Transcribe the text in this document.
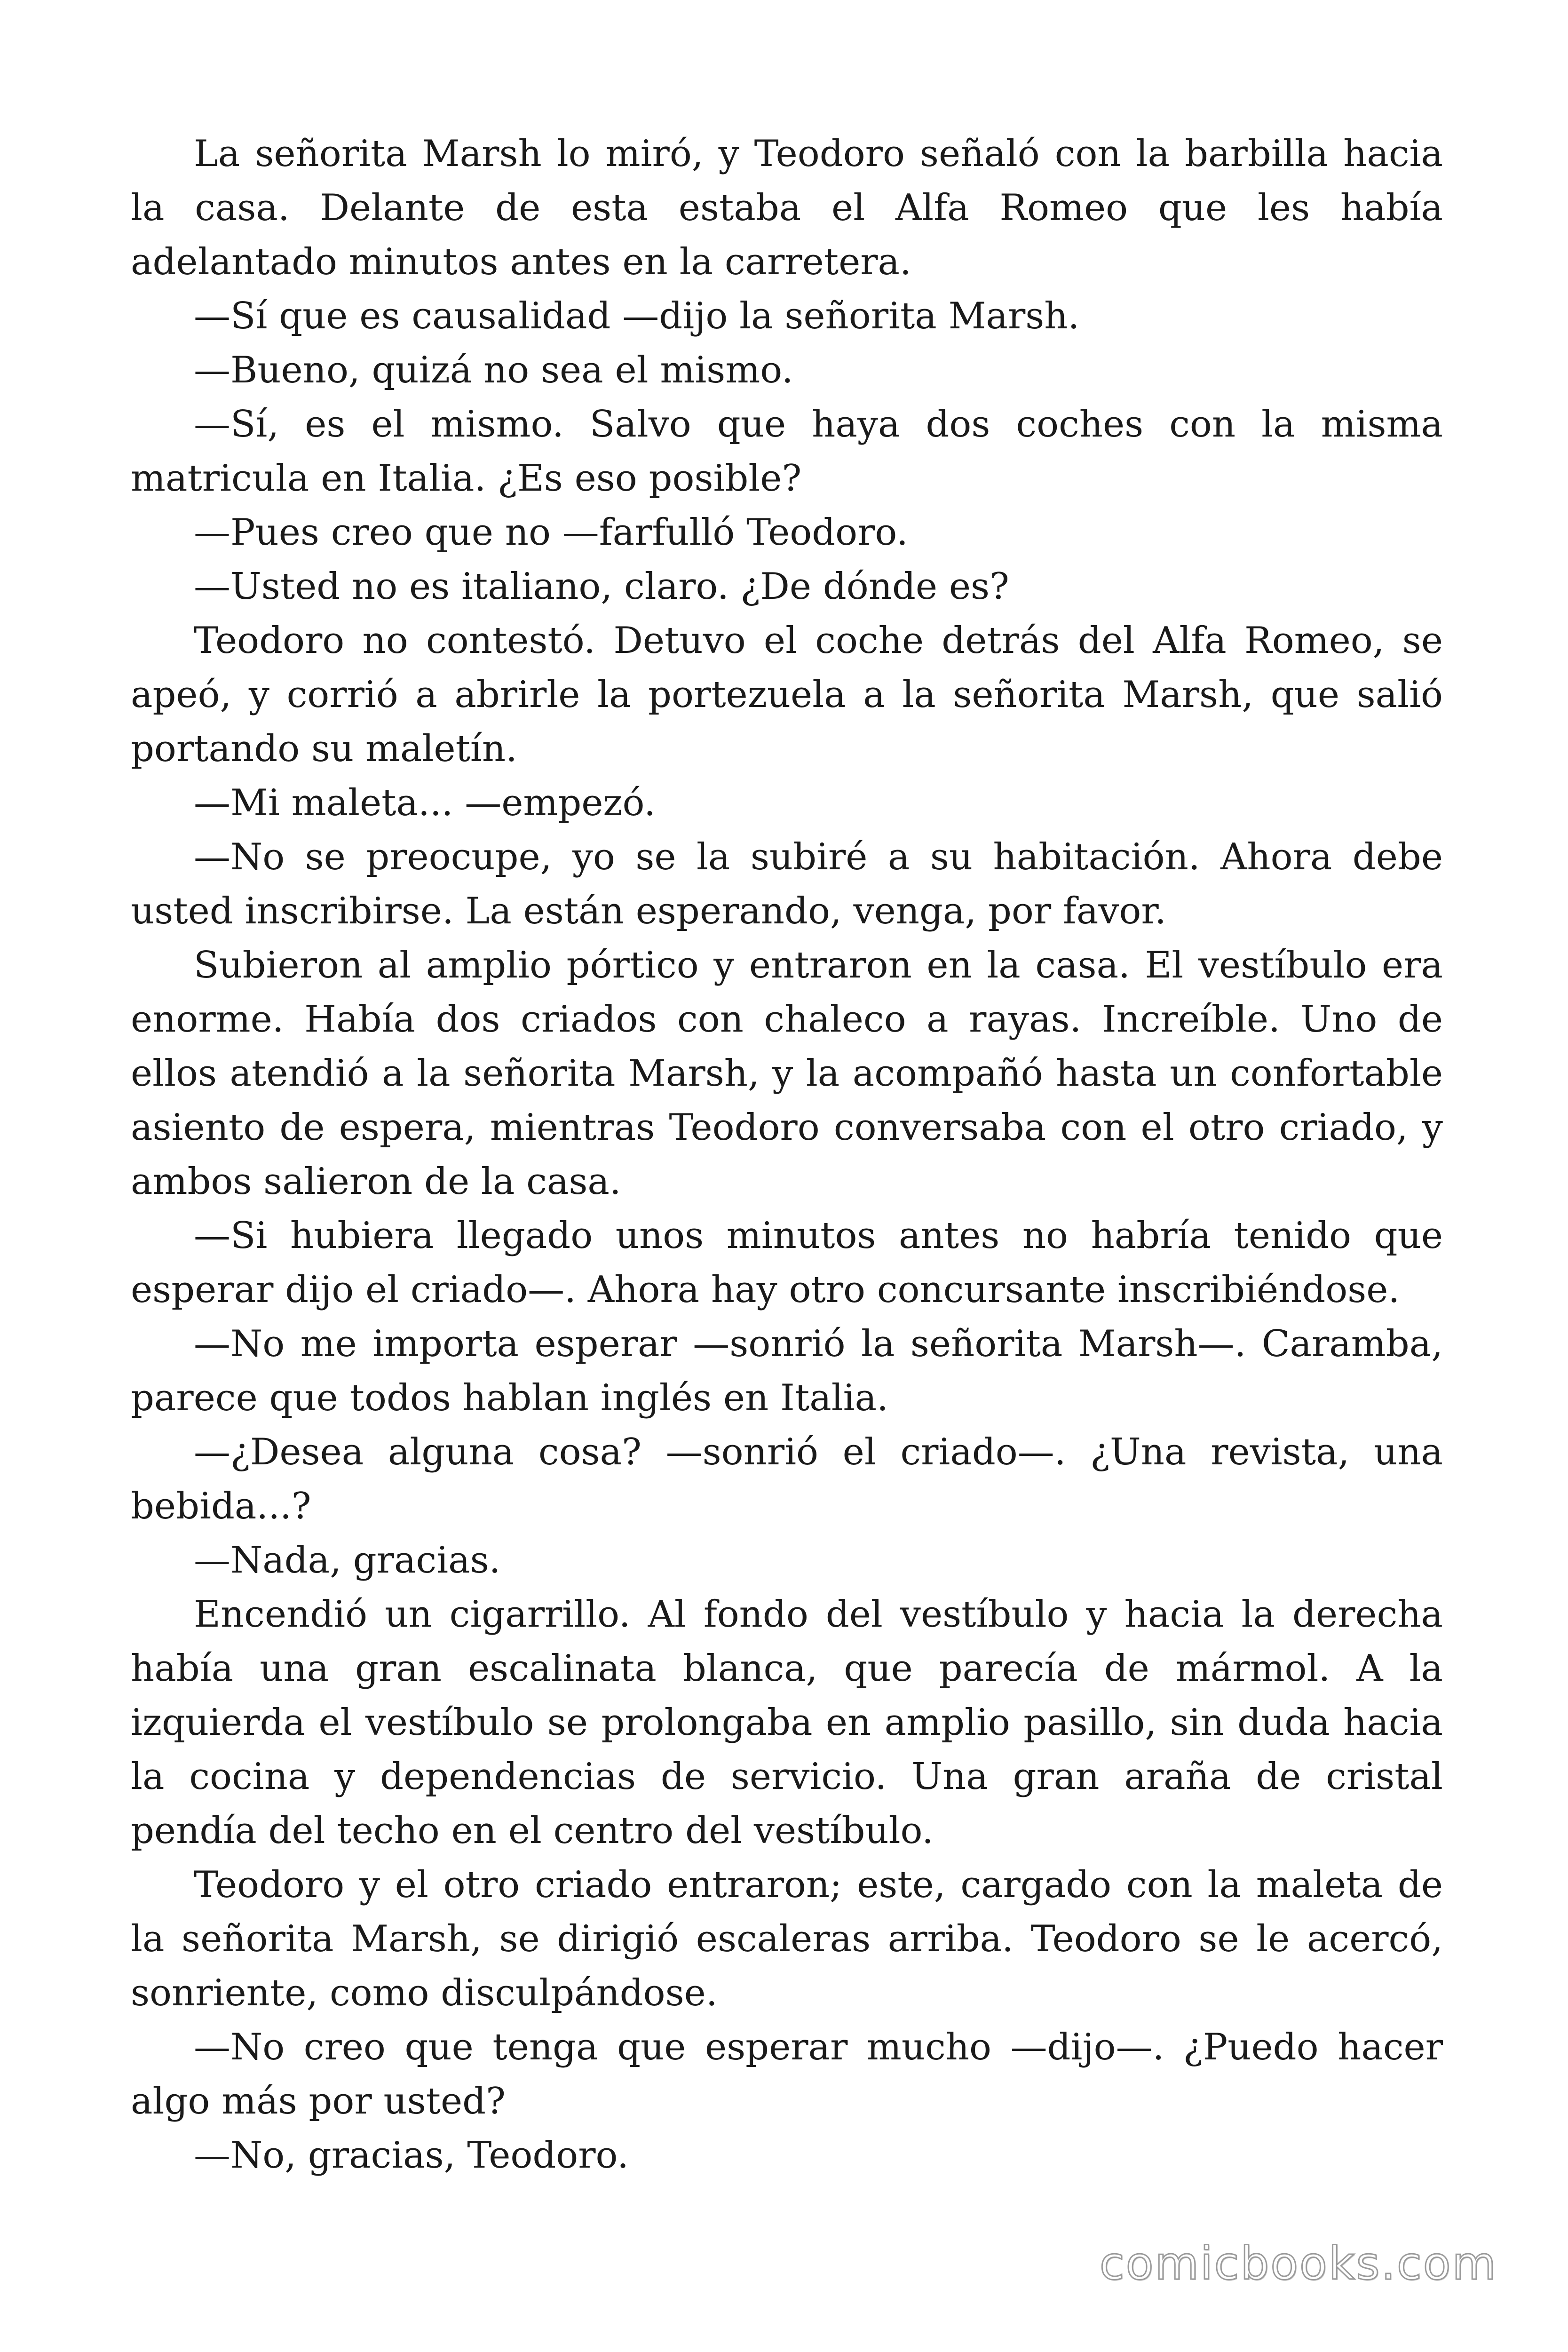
La señorita Marsh lo miró, y Teodoro señaló con la barbilla hacia la casa. Delante de esta estaba el Alfa Romeo que les había adelantado minutos antes en la carretera.

—Sí que es causalidad —dijo la señorita Marsh.

—Bueno, quizá no sea el mismo.

—Sí, es el mismo. Salvo que haya dos coches con la misma matricula en Italia. ¿Es eso posible?

—Pues creo que no —farfulló Teodoro.

—Usted no es italiano, claro. ¿De dónde es?

Teodoro no contestó. Detuvo el coche detrás del Alfa Romeo, se apeó, y corrió a abrirle la portezuela a la señorita Marsh, que salió portando su maletín.

—Mi maleta... —empezó.

—No se preocupe, yo se la subiré a su habitación. Ahora debe usted inscribirse. La están esperando, venga, por favor.

Subieron al amplio pórtico y entraron en la casa. El vestíbulo era enorme. Había dos criados con chaleco a rayas. Increíble. Uno de ellos atendió a la señorita Marsh, y la acompañó hasta un confortable asiento de espera, mientras Teodoro conversaba con el otro criado, y ambos salieron de la casa.

—Si hubiera llegado unos minutos antes no habría tenido que esperar dijo el criado—. Ahora hay otro concursante inscribiéndose.

—No me importa esperar —sonrió la señorita Marsh—. Caramba, parece que todos hablan inglés en Italia.

—¿Desea alguna cosa? —sonrió el criado—. ¿Una revista, una bebida...?

—Nada, gracias.

Encendió un cigarrillo. Al fondo del vestíbulo y hacia la derecha había una gran escalinata blanca, que parecía de mármol. A la izquierda el vestíbulo se prolongaba en amplio pasillo, sin duda hacia la cocina y dependencias de servicio. Una gran araña de cristal pendía del techo en el centro del vestíbulo.

Teodoro y el otro criado entraron; este, cargado con la maleta de la señorita Marsh, se dirigió escaleras arriba. Teodoro se le acercó, sonriente, como disculpándose.

—No creo que tenga que esperar mucho —dijo—. ¿Puedo hacer algo más por usted?

—No, gracias, Teodoro.

comicbooks.com
